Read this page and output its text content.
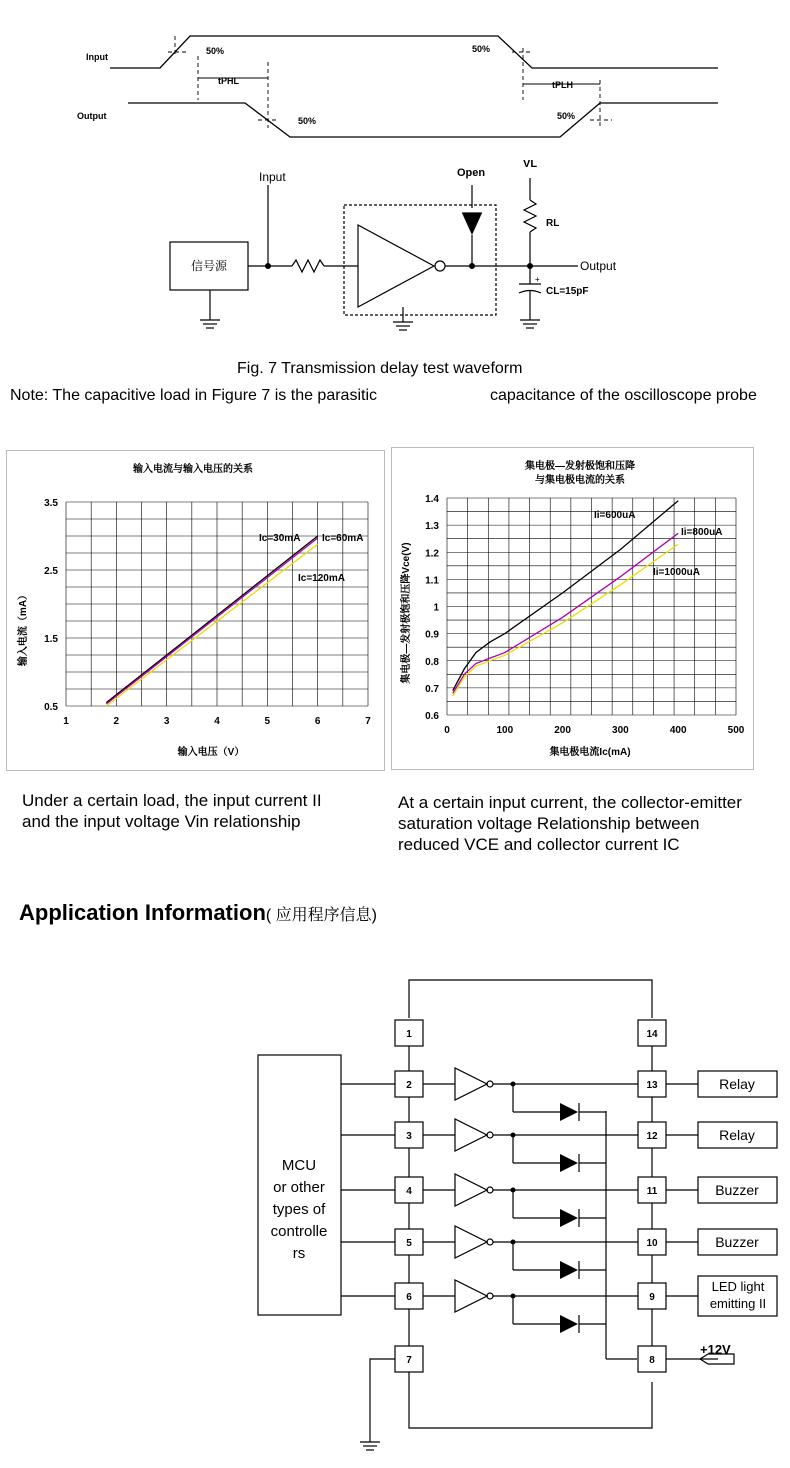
Input
Output
50%	50%
50%	50%
tPHL	tPLH
Input
信号源
Open
VL
RL
Output
+
CL=15pF
Fig. 7 Transmission delay test waveform
Note: The capacitive load in Figure 7 is the parasitic	capacitance of the oscilloscope probe
输入电流与输入电压的关系
1	2	3	4	5	6	7
0.5
1.5
2.5
3.5
Ic=30mA Ic=60mA
Ic=120mA
输入电压（V）
输入电流（mA）
集电极—发射极饱和压降
与集电极电流的关系
0	100	200	300	400	500
0.6
0.7
0.8
0.9
1
1.1
1.2
1.3
1.4
Ii=600uA
Ii=800uA
Ii=1000uA
集电极电流Ic(mA)
集电极—发射极饱和压降Vce(V)
Under a certain load, the input current II
and the input voltage Vin relationship
At a certain input current, the collector-emitter
saturation voltage Relationship between
reduced VCE and collector current IC
Application Information( 应用程序信息)
Relay
Relay
Buzzer
Buzzer
LED light
emitting II
1
2
3
4
5
6
7
14
13
12
11
10
9
8
MCU
or other
types of
controlle
rs
+12V
